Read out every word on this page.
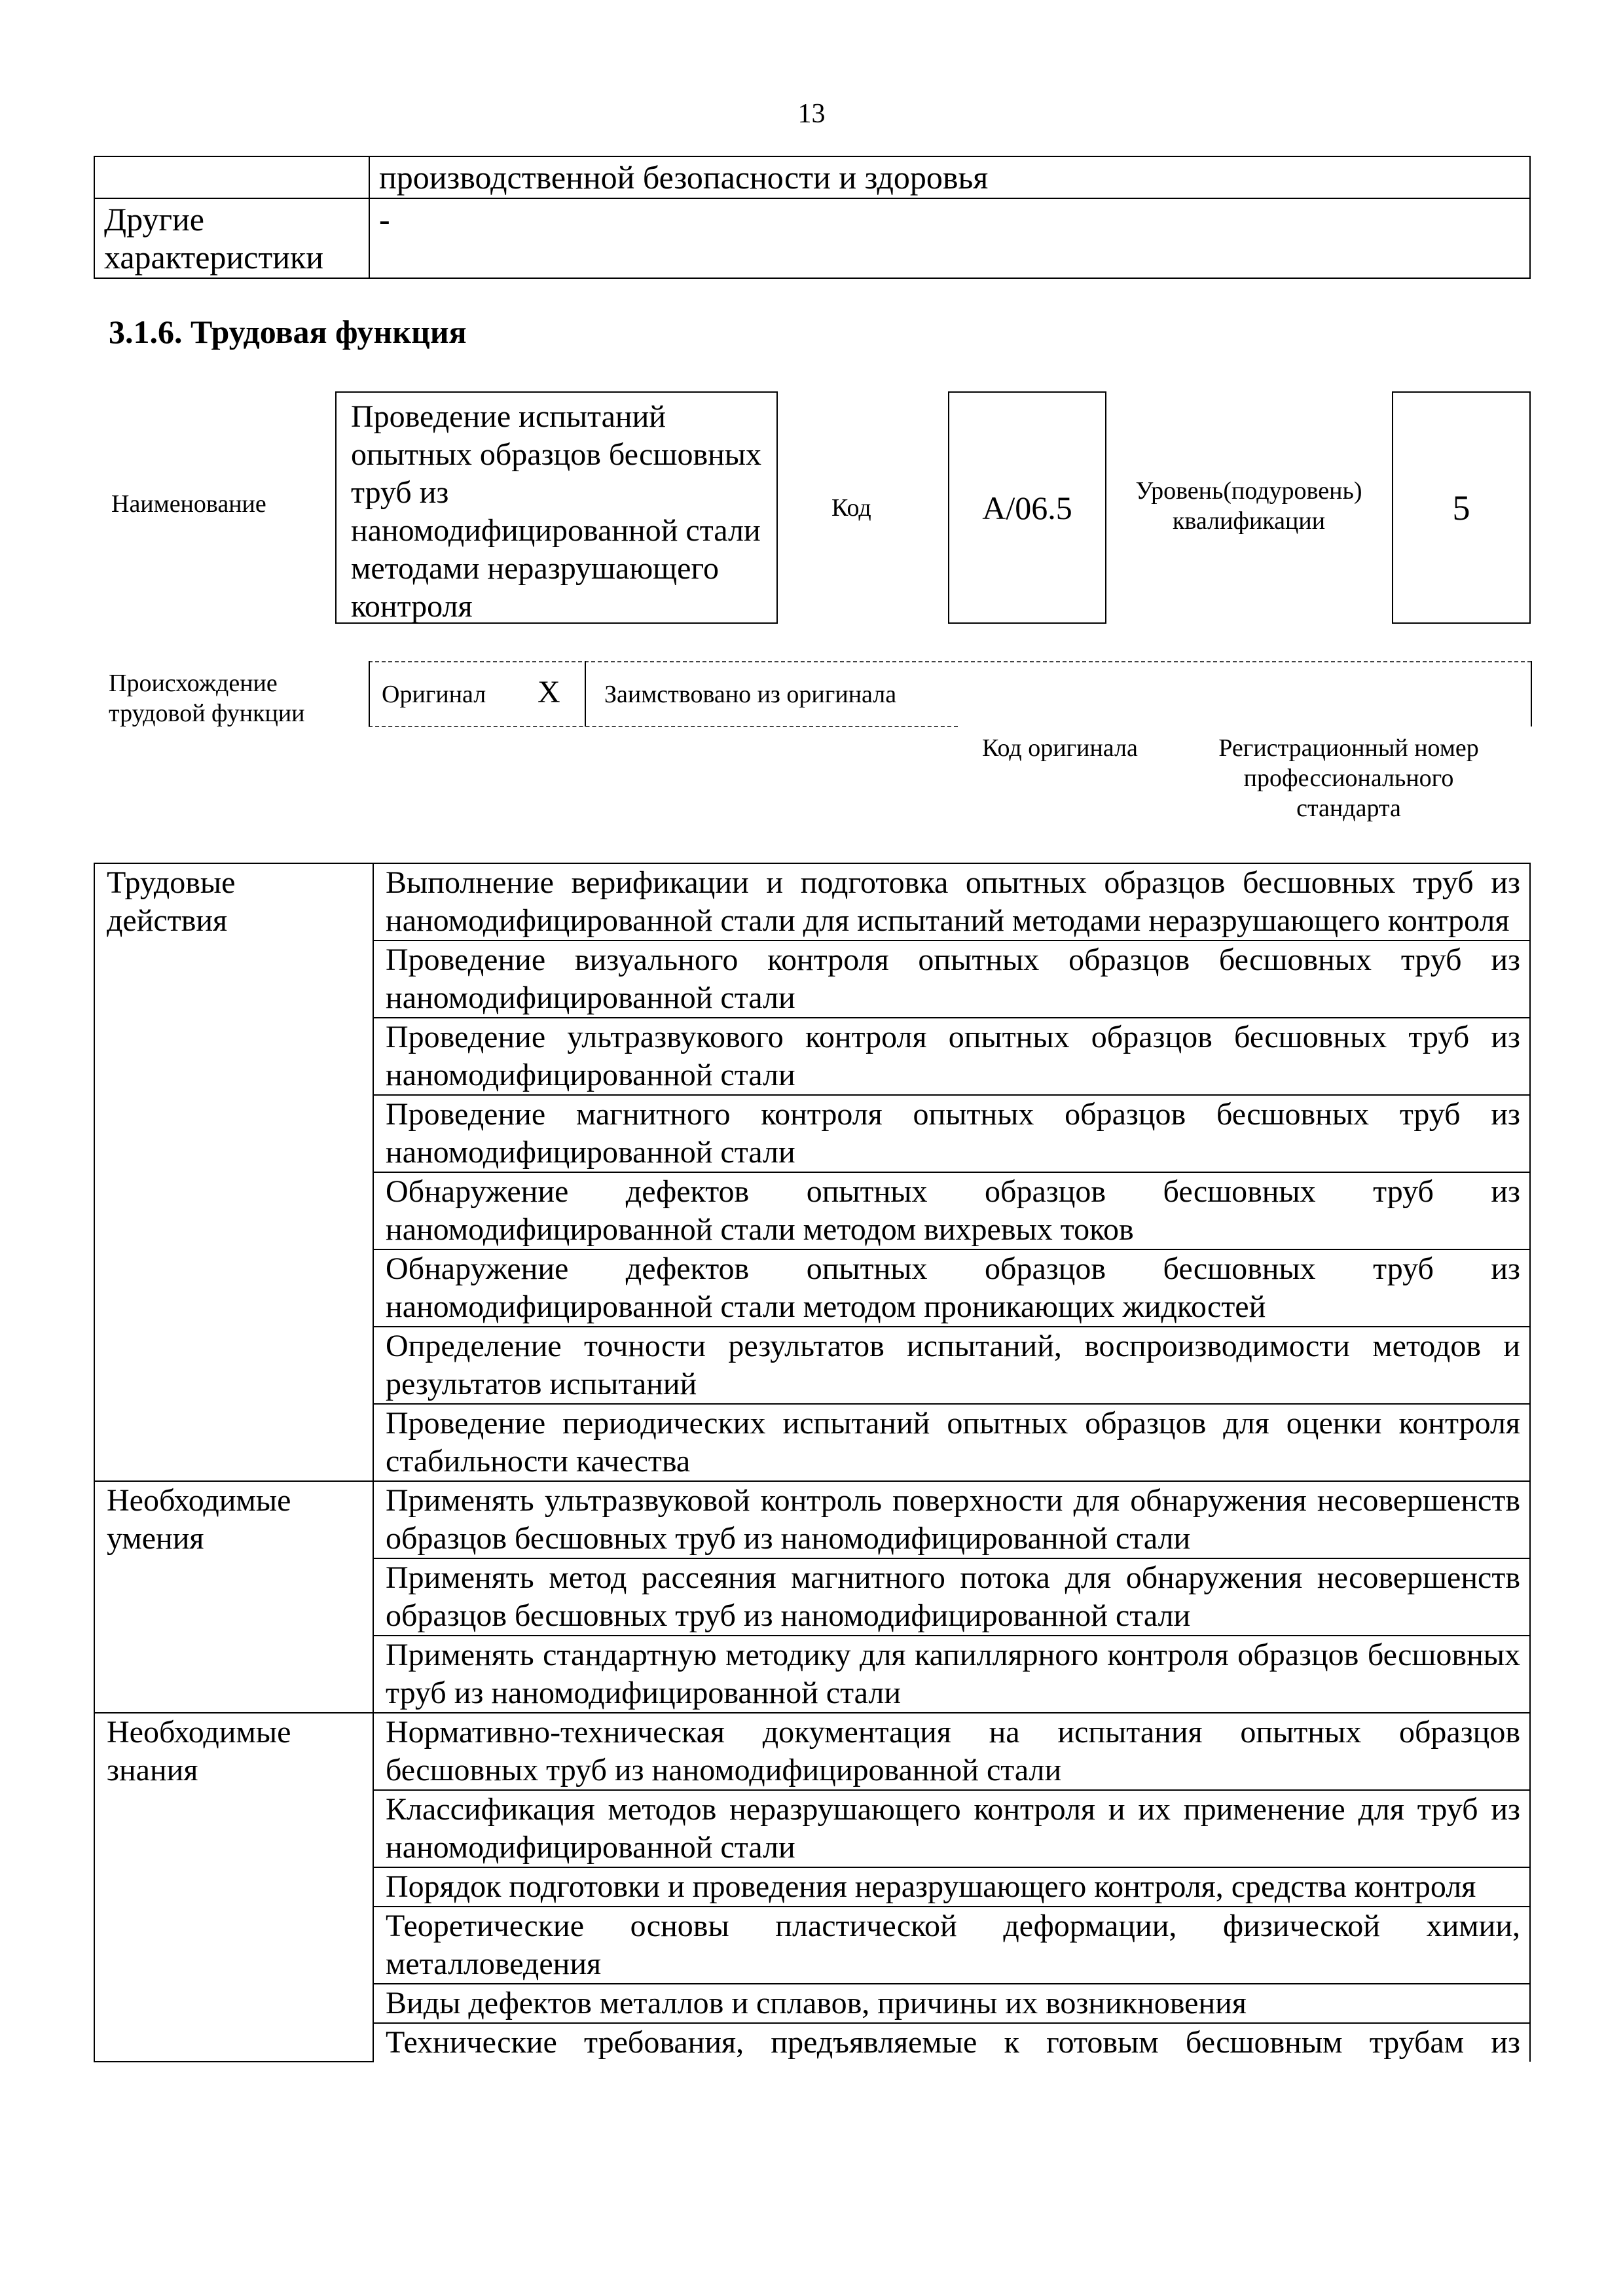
13
	производственной безопасности и здоровья
Другие характеристики	-
3.1.6. Трудовая функция
Наименование
Проведение испытаний опытных образцов бесшовных труб из наномодифицированной стали методами неразрушающего контроля
Код	А/06.5	Уровень(подуровень) квалификации	5
Происхождение трудовой функции
Оригинал X Заимствовано из оригинала
Код оригинала	Регистрационный номер профессионального стандарта
Трудовые действия	Выполнение верификации и подготовка опытных образцов бесшовных труб из наномодифицированной стали для испытаний методами неразрушающего контроля
	Проведение визуального контроля опытных образцов бесшовных труб из наномодифицированной стали
	Проведение ультразвукового контроля опытных образцов бесшовных труб из наномодифицированной стали
	Проведение магнитного контроля опытных образцов бесшовных труб из наномодифицированной стали
	Обнаружение дефектов опытных образцов бесшовных труб из наномодифицированной стали методом вихревых токов
	Обнаружение дефектов опытных образцов бесшовных труб из наномодифицированной стали методом проникающих жидкостей
	Определение точности результатов испытаний, воспроизводимости методов и результатов испытаний
	Проведение периодических испытаний опытных образцов для оценки контроля стабильности качества
Необходимые умения	Применять ультразвуковой контроль поверхности для обнаружения несовершенств образцов бесшовных труб из наномодифицированной стали
	Применять метод рассеяния магнитного потока для обнаружения несовершенств образцов бесшовных труб из наномодифицированной стали
	Применять стандартную методику для капиллярного контроля образцов бесшовных труб из наномодифицированной стали
Необходимые знания	Нормативно-техническая документация на испытания опытных образцов бесшовных труб из наномодифицированной стали
	Классификация методов неразрушающего контроля и их применение для труб из наномодифицированной стали
	Порядок подготовки и проведения неразрушающего контроля, средства контроля
	Теоретические основы пластической деформации, физической химии, металловедения
	Виды дефектов металлов и сплавов, причины их возникновения
	Технические требования, предъявляемые к готовым бесшовным трубам из
